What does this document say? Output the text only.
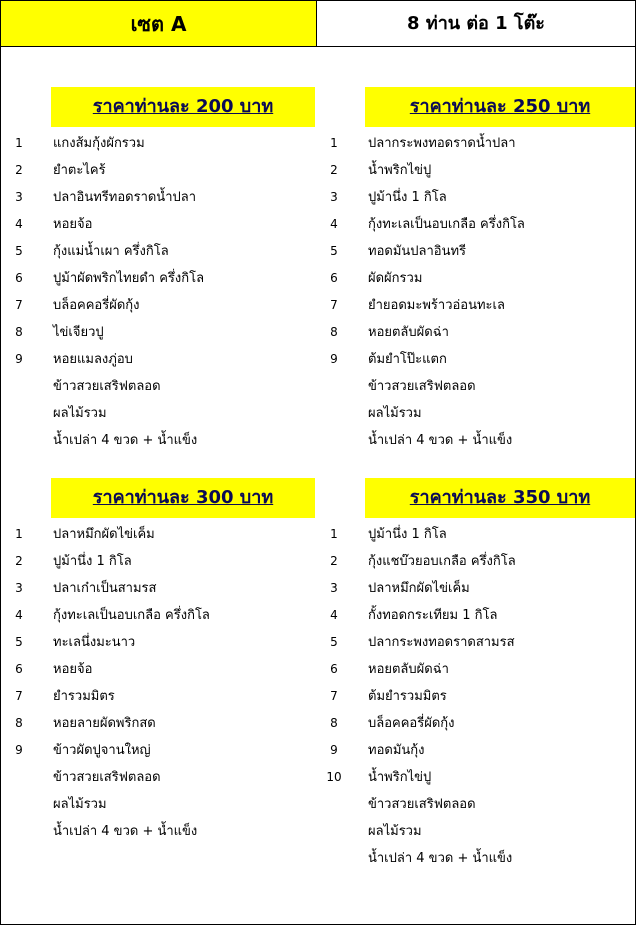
เซต A	8 ท่าน ต่อ 1 โต๊ะ
ราคาท่านละ 200 บาท
1	แกงส้มกุ้งผักรวม
2	ยำตะไคร้
3	ปลาอินทรีทอดราดน้ำปลา
4	หอยจ้อ
5	กุ้งแม่น้ำเผา ครึ่งกิโล
6	ปูม้าผัดพริกไทยดำ ครึ่งกิโล
7	บล็อคคอรี่ผัดกุ้ง
8	ไข่เจียวปู
9	หอยแมลงภู่อบ
ข้าวสวยเสริฟตลอด
ผลไม้รวม
น้ำเปล่า 4 ขวด + น้ำแข็ง
ราคาท่านละ 250 บาท
1	ปลากระพงทอดราดน้ำปลา
2	น้ำพริกไข่ปู
3	ปูม้านึ่ง 1 กิโล
4	กุ้งทะเลเป็นอบเกลือ ครึ่งกิโล
5	ทอดมันปลาอินทรี
6	ผัดผักรวม
7	ยำยอดมะพร้าวอ่อนทะเล
8	หอยตลับผัดฉ่า
9	ต้มยำโป๊ะแตก
ข้าวสวยเสริฟตลอด
ผลไม้รวม
น้ำเปล่า 4 ขวด + น้ำแข็ง
ราคาท่านละ 300 บาท
1	ปลาหมึกผัดไข่เค็ม
2	ปูม้านึ่ง 1 กิโล
3	ปลาเก๋าเป็นสามรส
4	กุ้งทะเลเป็นอบเกลือ ครึ่งกิโล
5	ทะเลนึ่งมะนาว
6	หอยจ้อ
7	ยำรวมมิตร
8	หอยลายผัดพริกสด
9	ข้าวผัดปูจานใหญ่
ข้าวสวยเสริฟตลอด
ผลไม้รวม
น้ำเปล่า 4 ขวด + น้ำแข็ง
ราคาท่านละ 350 บาท
1	ปูม้านึ่ง 1 กิโล
2	กุ้งแชบ๊วยอบเกลือ ครึ่งกิโล
3	ปลาหมึกผัดไข่เค็ม
4	กั้งทอดกระเทียม 1 กิโล
5	ปลากระพงทอดราดสามรส
6	หอยตลับผัดฉ่า
7	ต้มยำรวมมิตร
8	บล็อคคอรี่ผัดกุ้ง
9	ทอดมันกุ้ง
10	น้ำพริกไข่ปู
ข้าวสวยเสริฟตลอด
ผลไม้รวม
น้ำเปล่า 4 ขวด + น้ำแข็ง
